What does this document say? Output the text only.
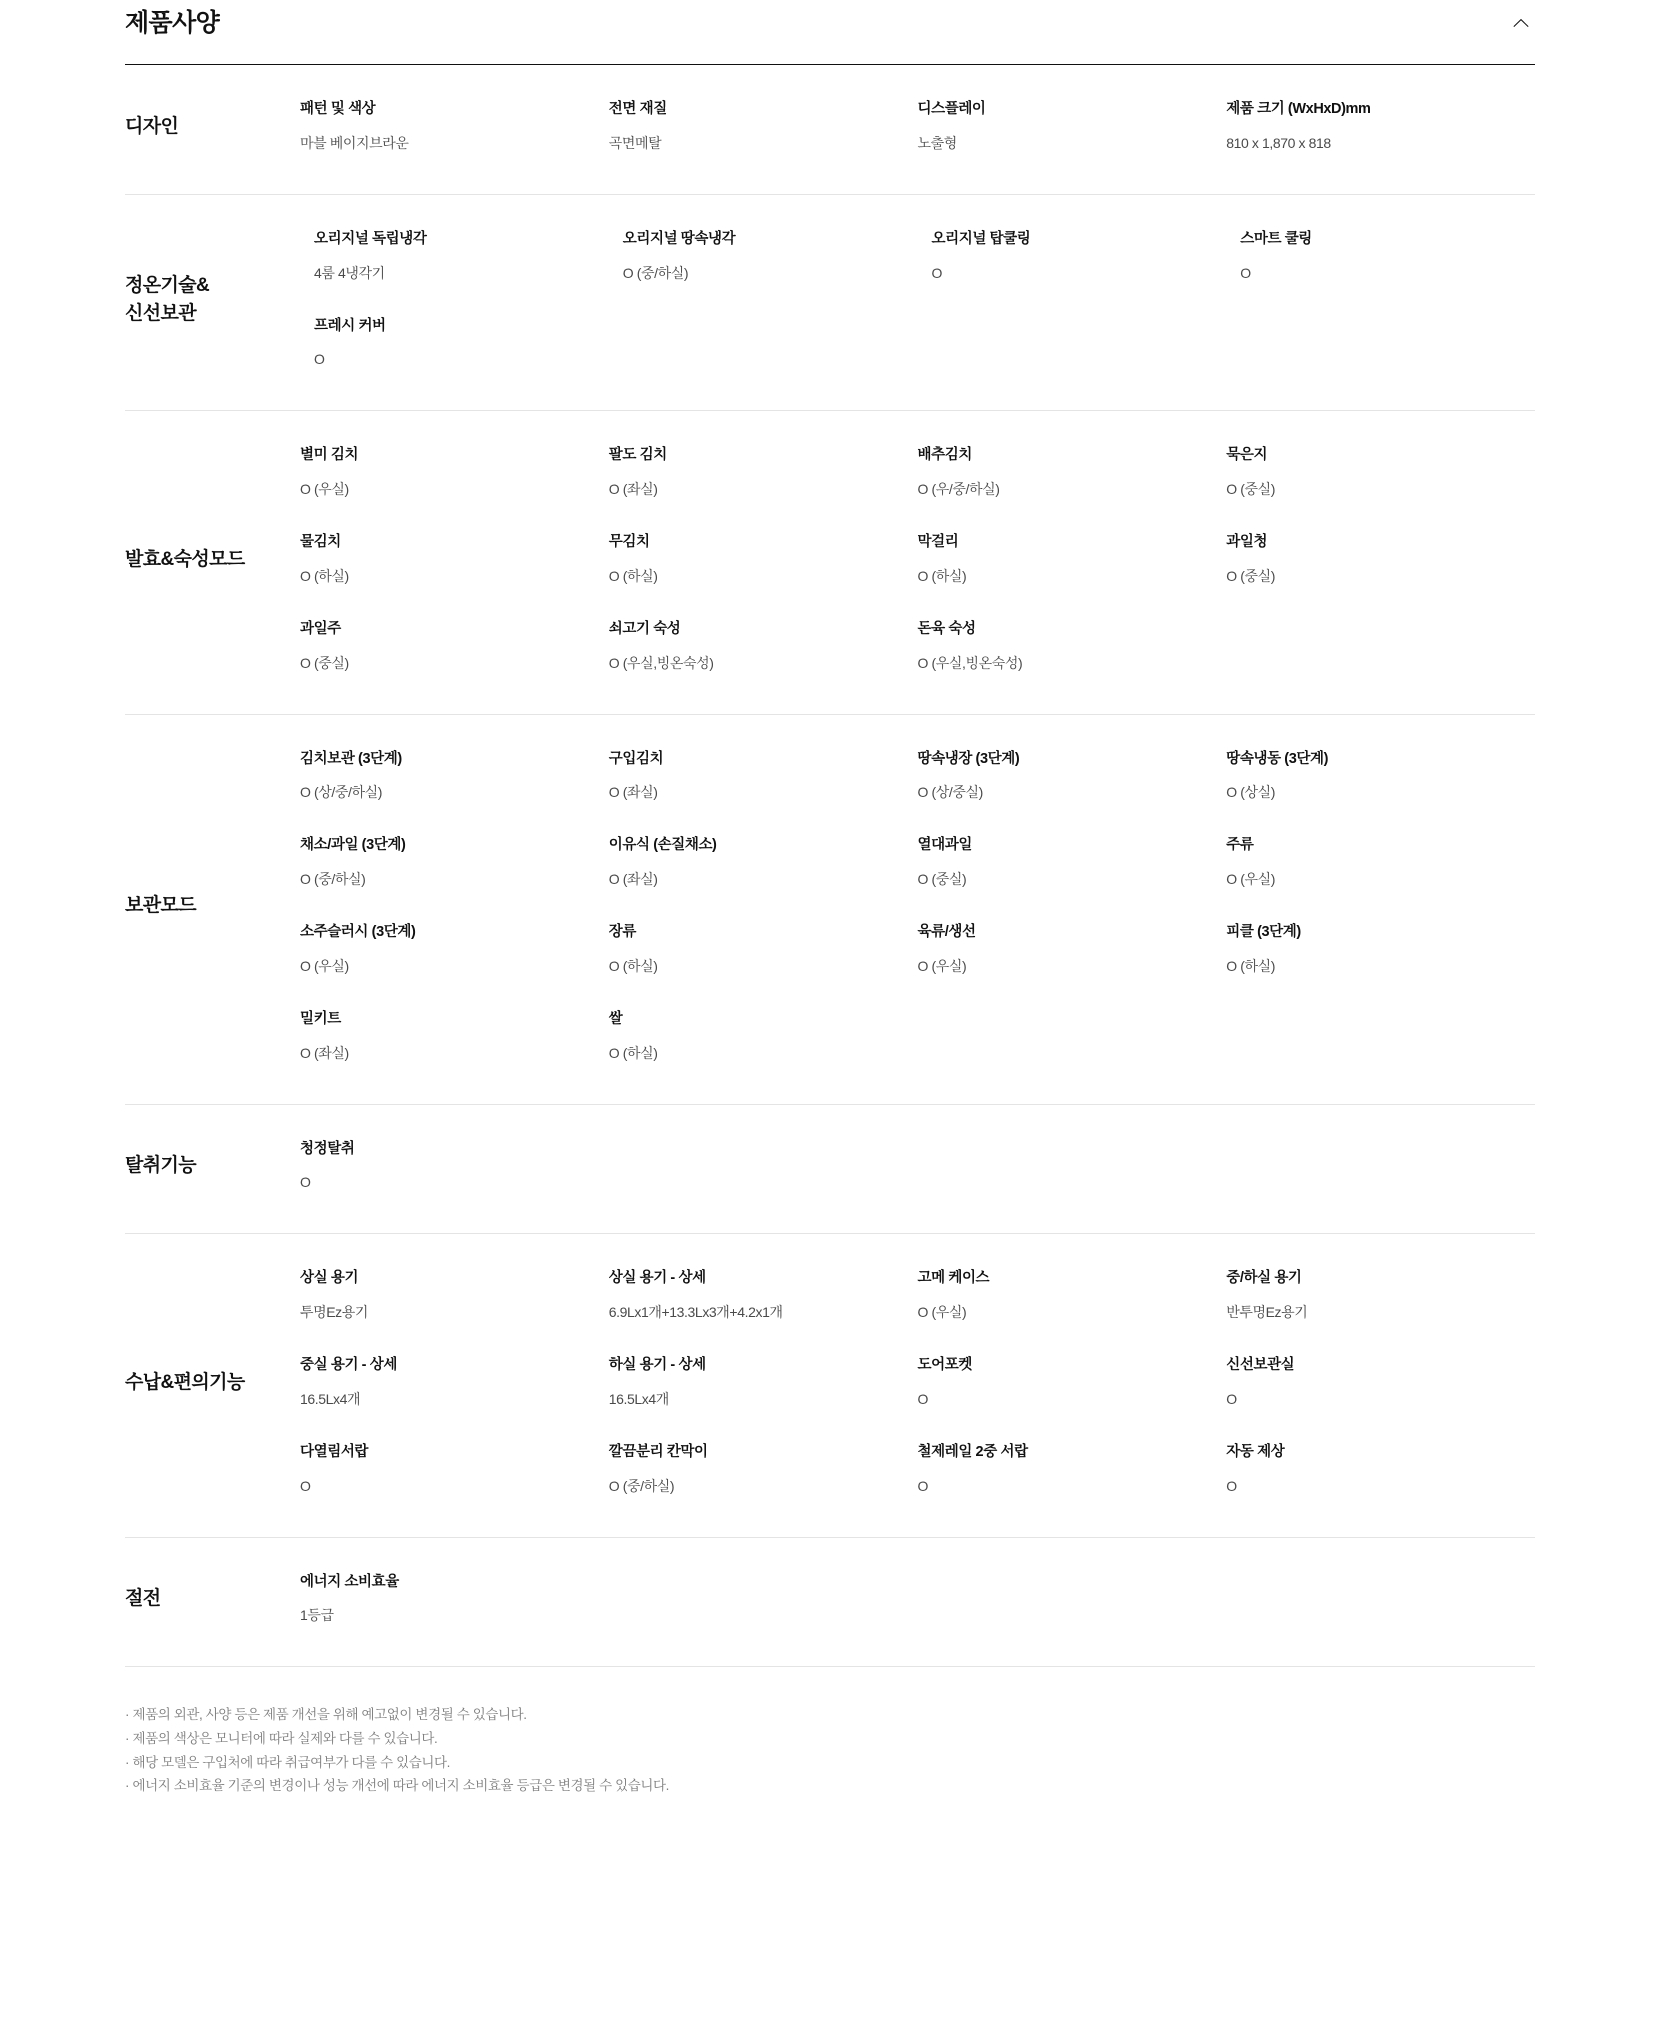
제품사양
디자인
패턴 및 색상
마블 베이지브라운
전면 재질
곡면메탈
디스플레이
노출형
제품 크기 (WxHxD)mm
810 x 1,870 x 818
정온기술&
신선보관
오리지널 독립냉각
4룸 4냉각기
오리지널 땅속냉각
O (중/하실)
오리지널 탑쿨링
O
스마트 쿨링
O
프레시 커버
O
발효&숙성모드
별미 김치
O (우실)
팔도 김치
O (좌실)
배추김치
O (우/중/하실)
묵은지
O (중실)
물김치
O (하실)
무김치
O (하실)
막걸리
O (하실)
과일청
O (중실)
과일주
O (중실)
쇠고기 숙성
O (우실,빙온숙성)
돈육 숙성
O (우실,빙온숙성)
보관모드
김치보관 (3단계)
O (상/중/하실)
구입김치
O (좌실)
땅속냉장 (3단계)
O (상/중실)
땅속냉동 (3단계)
O (상실)
채소/과일 (3단계)
O (중/하실)
이유식 (손질채소)
O (좌실)
열대과일
O (중실)
주류
O (우실)
소주슬러시 (3단계)
O (우실)
장류
O (하실)
육류/생선
O (우실)
피클 (3단계)
O (하실)
밀키트
O (좌실)
쌀
O (하실)
탈취기능
청정탈취
O
수납&편의기능
상실 용기
투명Ez용기
상실 용기 - 상세
6.9Lx1개+13.3Lx3개+4.2x1개
고메 케이스
O (우실)
중/하실 용기
반투명Ez용기
중실 용기 - 상세
16.5Lx4개
하실 용기 - 상세
16.5Lx4개
도어포켓
O
신선보관실
O
다열림서랍
O
깔끔분리 칸막이
O (중/하실)
철제레일 2중 서랍
O
자동 제상
O
절전
에너지 소비효율
1등급
· 제품의 외관, 사양 등은 제품 개선을 위해 예고없이 변경될 수 있습니다.
· 제품의 색상은 모니터에 따라 실제와 다를 수 있습니다.
· 해당 모델은 구입처에 따라 취급여부가 다를 수 있습니다.
· 에너지 소비효율 기준의 변경이나 성능 개선에 따라 에너지 소비효율 등급은 변경될 수 있습니다.
